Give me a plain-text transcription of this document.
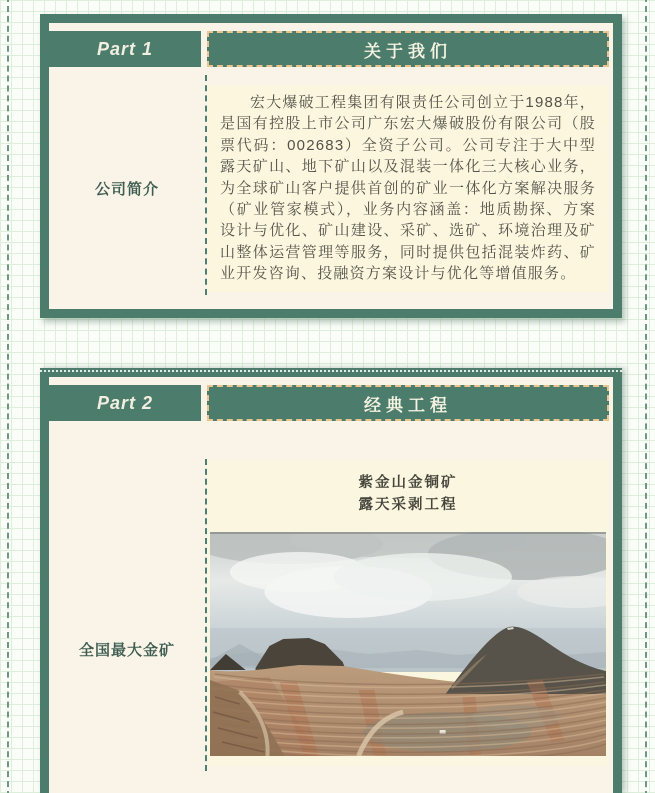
Part 1	关于我们
公司简介

宏大爆破工程集团有限责任公司创立于1988年，是国有控股上市公司广东宏大爆破股份有限公司（股票代码：002683）全资子公司。公司专注于大中型露天矿山、地下矿山以及混装一体化三大核心业务，为全球矿山客户提供首创的矿业一体化方案解决服务（矿业管家模式），业务内容涵盖：地质勘探、方案设计与优化、矿山建设、采矿、选矿、环境治理及矿山整体运营管理等服务，同时提供包括混装炸药、矿业开发咨询、投融资方案设计与优化等增值服务。

Part 2	经典工程
全国最大金矿
紫金山金铜矿
露天采剥工程
